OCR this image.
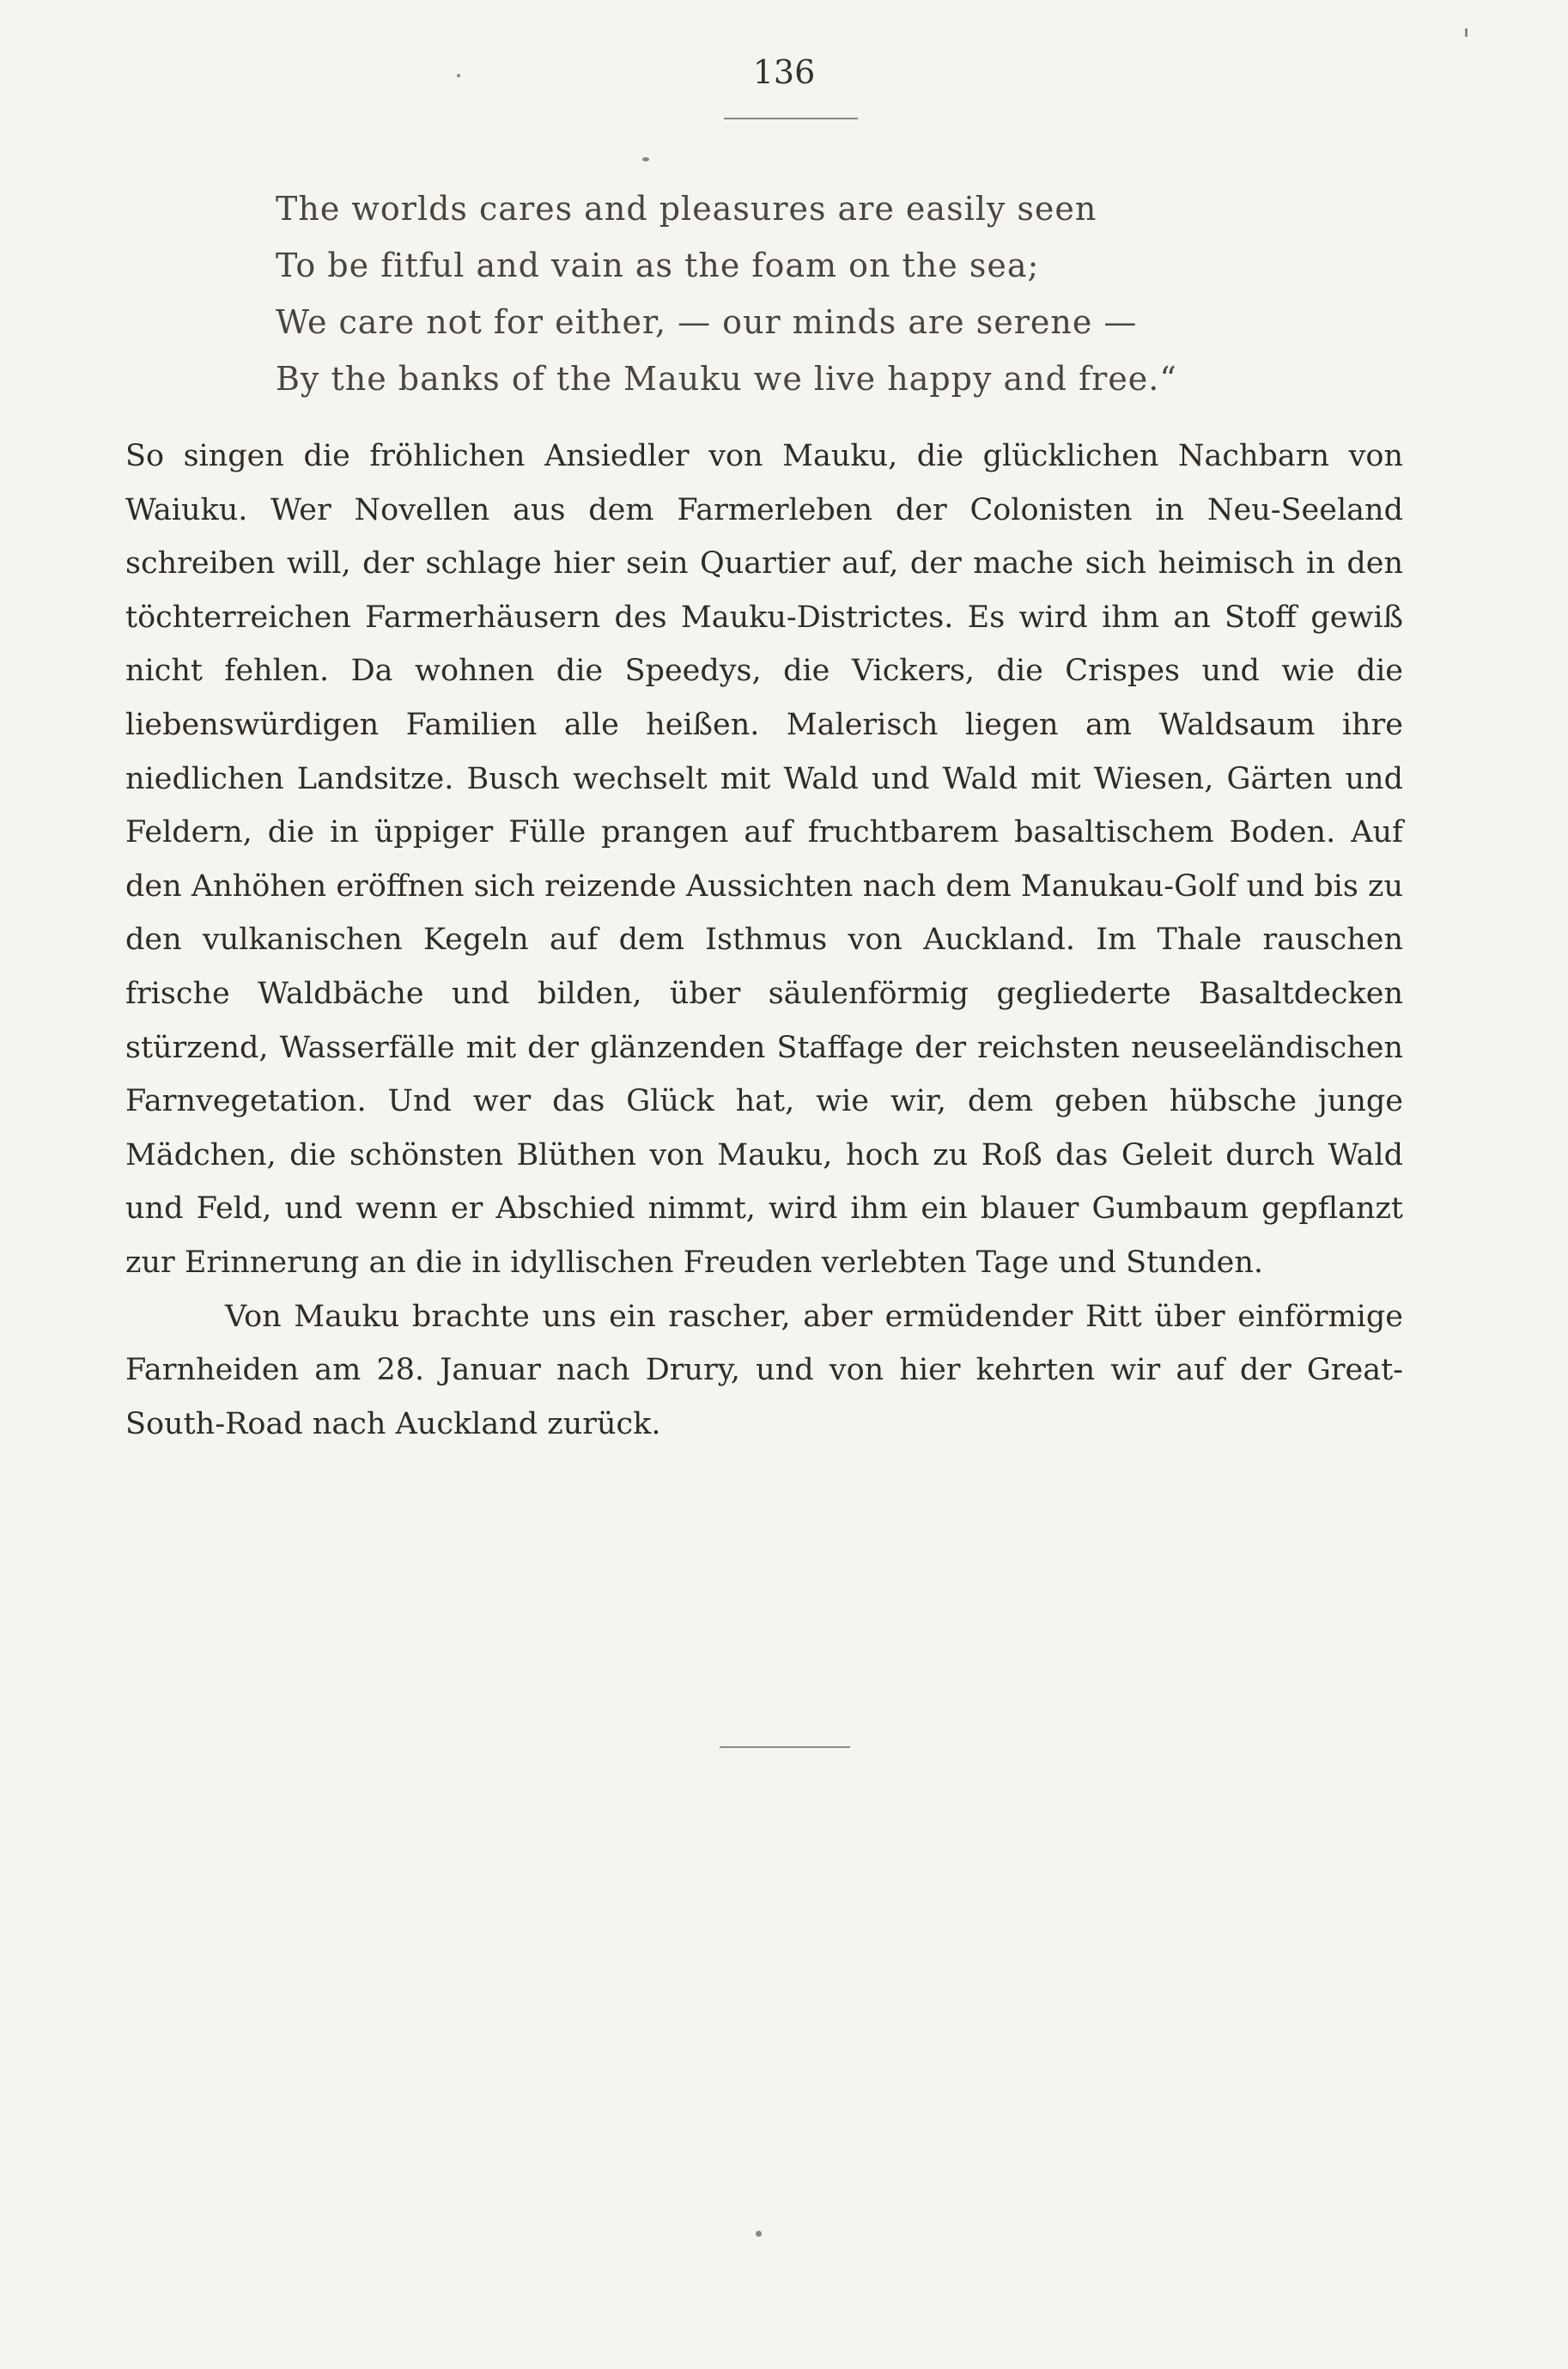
136
The worlds cares and pleasures are easily seen
To be fitful and vain as the foam on the sea;
We care not for either, — our minds are serene —
By the banks of the Mauku we live happy and free.“

So singen die fröhlichen Ansiedler von Mauku, die glücklichen Nachbarn von Waiuku. Wer Novellen aus dem Farmerleben der Colonisten in Neu-Seeland schreiben will, der schlage hier sein Quartier auf, der mache sich heimisch in den töchterreichen Farmerhäusern des Mauku-Districtes. Es wird ihm an Stoff gewiß nicht fehlen. Da wohnen die Speedys, die Vickers, die Crispes und wie die liebenswürdigen Familien alle heißen. Malerisch liegen am Waldsaum ihre niedlichen Landsitze. Busch wechselt mit Wald und Wald mit Wiesen, Gärten und Feldern, die in üppiger Fülle prangen auf fruchtbarem basaltischem Boden. Auf den Anhöhen eröffnen sich reizende Aussichten nach dem Manukau-Golf und bis zu den vulkanischen Kegeln auf dem Isthmus von Auckland. Im Thale rauschen frische Waldbäche und bilden, über säulenförmig gegliederte Basaltdecken stürzend, Wasserfälle mit der glänzenden Staffage der reichsten neuseeländischen Farnvegetation. Und wer das Glück hat, wie wir, dem geben hübsche junge Mädchen, die schönsten Blüthen von Mauku, hoch zu Roß das Geleit durch Wald und Feld, und wenn er Abschied nimmt, wird ihm ein blauer Gumbaum gepflanzt zur Erinnerung an die in idyllischen Freuden verlebten Tage und Stunden.

Von Mauku brachte uns ein rascher, aber ermüdender Ritt über einförmige Farnheiden am 28. Januar nach Drury, und von hier kehrten wir auf der Great-South-Road nach Auckland zurück.
